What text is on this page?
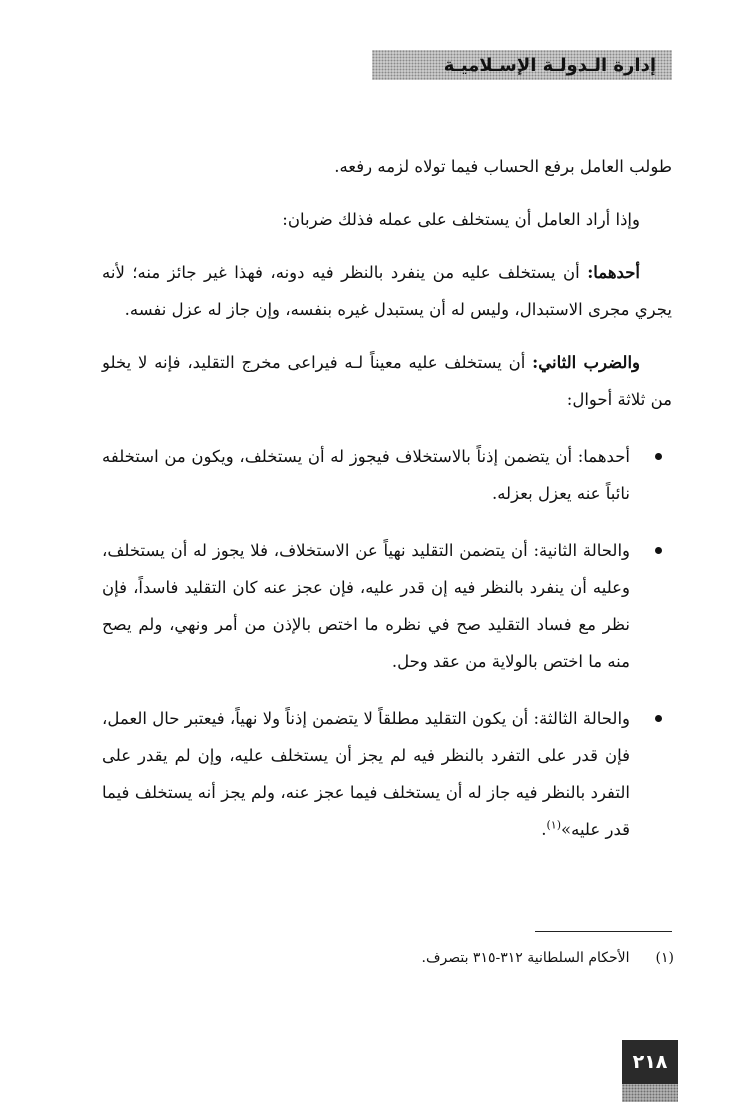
إدارة الـدولـة الإسـلاميـة

طولب العامل برفع الحساب فيما تولاه لزمه رفعه.

وإذا أراد العامل أن يستخلف على عمله فذلك ضربان:

أحدهما: أن يستخلف عليه من ينفرد بالنظر فيه دونه، فهذا غير جائز منه؛ لأنه يجري مجرى الاستبدال، وليس له أن يستبدل غيره بنفسه، وإن جاز له عزل نفسه.

والضرب الثاني: أن يستخلف عليه معيناً لـه فيراعى مخرج التقليد، فإنه لا يخلو من ثلاثة أحوال:

أحدهما: أن يتضمن إذناً بالاستخلاف فيجوز له أن يستخلف، ويكون من استخلفه نائباً عنه يعزل بعزله.
والحالة الثانية: أن يتضمن التقليد نهياً عن الاستخلاف، فلا يجوز له أن يستخلف، وعليه أن ينفرد بالنظر فيه إن قدر عليه، فإن عجز عنه كان التقليد فاسداً، فإن نظر مع فساد التقليد صح في نظره ما اختص بالإذن من أمر ونهي، ولم يصح منه ما اختص بالولاية من عقد وحل.
والحالة الثالثة: أن يكون التقليد مطلقاً لا يتضمن إذناً ولا نهياً، فيعتبر حال العمل، فإن قدر على التفرد بالنظر فيه لم يجز أن يستخلف عليه، وإن لم يقدر على التفرد بالنظر فيه جاز له أن يستخلف فيما عجز عنه، ولم يجز أنه يستخلف فيما قدر عليه»$^{(١)}$.
(١)الأحكام السلطانية ٣١٢-٣١٥ بتصرف.
٢١٨
